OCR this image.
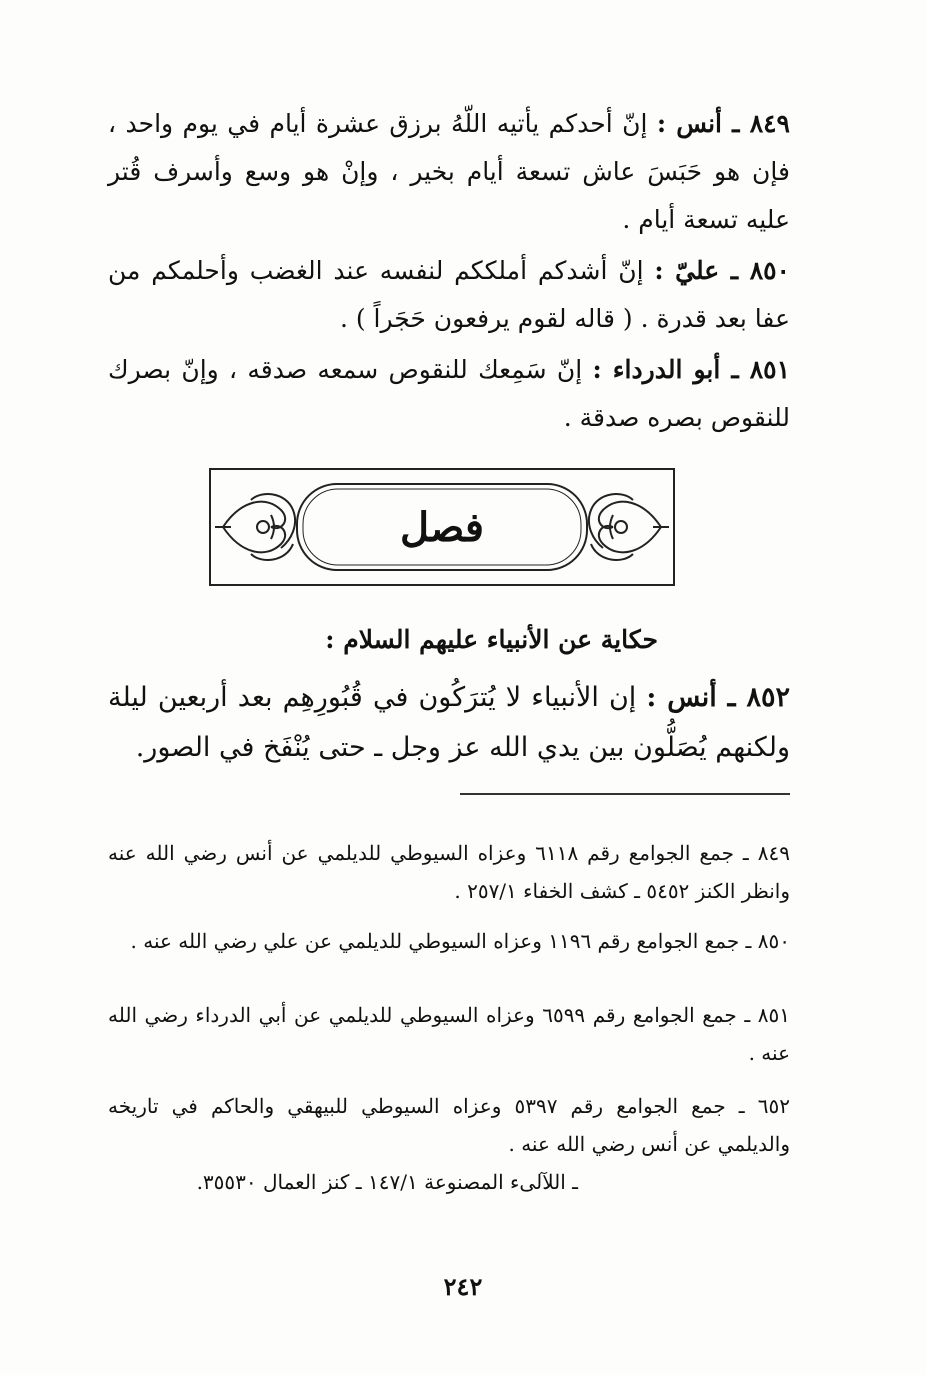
٨٤٩ ـ أنس : إنّ أحدكم يأتيه اللّهُ برزق عشرة أيام في يوم واحد ، فإن هو حَبَسَ عاش تسعة أيام بخير ، وإنْ هو وسع وأسرف قُتر عليه تسعة أيام .

٨٥٠ ـ عليّ : إنّ أشدكم أملككم لنفسه عند الغضب وأحلمكم من عفا بعد قدرة . ( قاله لقوم يرفعون حَجَراً ) .

٨٥١ ـ أبو الدرداء : إنّ سَمِعك للنقوص سمعه صدقه ، وإنّ بصرك للنقوص بصره صدقة .

فصل
حكاية عن الأنبياء عليهم السلام :

٨٥٢ ـ أنس : إن الأنبياء لا يُترَكُون في قُبُورِهِم بعد أربعين ليلة ولكنهم يُصَلُّون بين يدي الله عز وجل ـ حتى يُنْفَخ في الصور.

٨٤٩ ـ جمع الجوامع رقم ٦١١٨ وعزاه السيوطي للديلمي عن أنس رضي الله عنه وانظر الكنز ٥٤٥٢ ـ كشف الخفاء ٢٥٧/١ .

٨٥٠ ـ جمع الجوامع رقم ١١٩٦ وعزاه السيوطي للديلمي عن علي رضي الله عنه .

٨٥١ ـ جمع الجوامع رقم ٦٥٩٩ وعزاه السيوطي للديلمي عن أبي الدرداء رضي الله عنه .

٦٥٢ ـ جمع الجوامع رقم ٥٣٩٧ وعزاه السيوطي للبيهقي والحاكم في تاريخه والديلمي عن أنس رضي الله عنه .

ـ اللآلىء المصنوعة ١٤٧/١ ـ كنز العمال ٣٥٥٣٠.

٢٤٢
